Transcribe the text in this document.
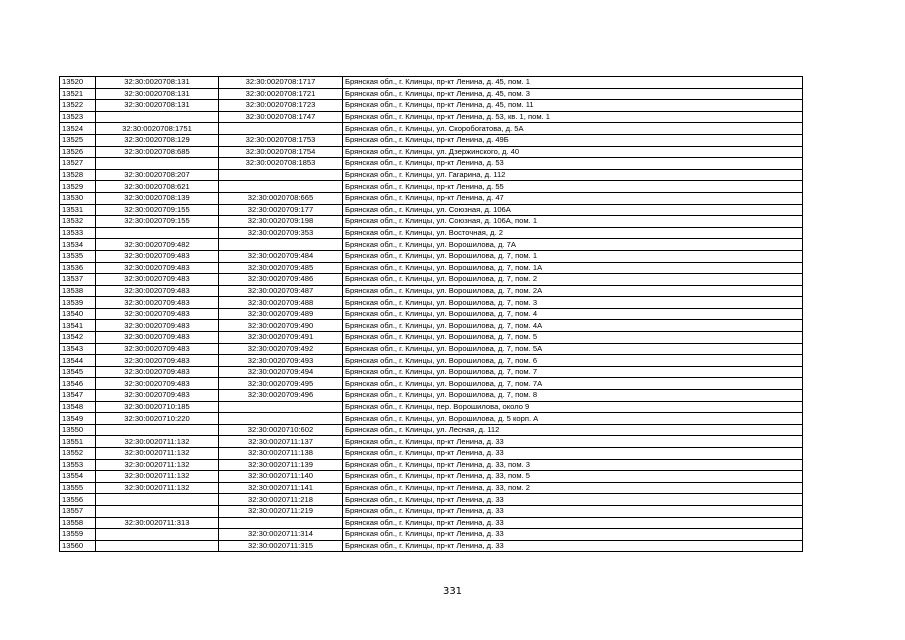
13520	32:30:0020708:131	32:30:0020708:1717	Брянская обл., г. Клинцы, пр-кт Ленина, д. 45, пом. 1
13521	32:30:0020708:131	32:30:0020708:1721	Брянская обл., г. Клинцы, пр-кт Ленина, д. 45, пом. 3
13522	32:30:0020708:131	32:30:0020708:1723	Брянская обл., г. Клинцы, пр-кт Ленина, д. 45, пом. 11
13523		32:30:0020708:1747	Брянская обл., г. Клинцы, пр-кт Ленина, д. 53, кв. 1, пом. 1
13524	32:30:0020708:1751		Брянская обл., г. Клинцы, ул. Скоробогатова, д. 5А
13525	32:30:0020708:129	32:30:0020708:1753	Брянская обл., г. Клинцы, пр-кт Ленина, д. 49Б
13526	32:30:0020708:685	32:30:0020708:1754	Брянская обл., г. Клинцы, ул. Дзержинского, д. 40
13527		32:30:0020708:1853	Брянская обл., г. Клинцы, пр-кт Ленина, д. 53
13528	32:30:0020708:207		Брянская обл., г. Клинцы, ул. Гагарина, д. 112
13529	32:30:0020708:621		Брянская обл., г. Клинцы, пр-кт Ленина, д. 55
13530	32:30:0020708:139	32:30:0020708:665	Брянская обл., г. Клинцы, пр-кт Ленина, д. 47
13531	32:30:0020709:155	32:30:0020709:177	Брянская обл., г. Клинцы, ул. Союзная, д. 106А
13532	32:30:0020709:155	32:30:0020709:198	Брянская обл., г. Клинцы, ул. Союзная, д. 106А, пом. 1
13533		32:30:0020709:353	Брянская обл., г. Клинцы, ул. Восточная, д. 2
13534	32:30:0020709:482		Брянская обл., г. Клинцы, ул. Ворошилова, д. 7А
13535	32:30:0020709:483	32:30:0020709:484	Брянская обл., г. Клинцы, ул. Ворошилова, д. 7, пом. 1
13536	32:30:0020709:483	32:30:0020709:485	Брянская обл., г. Клинцы, ул. Ворошилова, д. 7, пом. 1А
13537	32:30:0020709:483	32:30:0020709:486	Брянская обл., г. Клинцы, ул. Ворошилова, д. 7, пом. 2
13538	32:30:0020709:483	32:30:0020709:487	Брянская обл., г. Клинцы, ул. Ворошилова, д. 7, пом. 2А
13539	32:30:0020709:483	32:30:0020709:488	Брянская обл., г. Клинцы, ул. Ворошилова, д. 7, пом. 3
13540	32:30:0020709:483	32:30:0020709:489	Брянская обл., г. Клинцы, ул. Ворошилова, д. 7, пом. 4
13541	32:30:0020709:483	32:30:0020709:490	Брянская обл., г. Клинцы, ул. Ворошилова, д. 7, пом. 4А
13542	32:30:0020709:483	32:30:0020709:491	Брянская обл., г. Клинцы, ул. Ворошилова, д. 7, пом. 5
13543	32:30:0020709:483	32:30:0020709:492	Брянская обл., г. Клинцы, ул. Ворошилова, д. 7, пом. 5А
13544	32:30:0020709:483	32:30:0020709:493	Брянская обл., г. Клинцы, ул. Ворошилова, д. 7, пом. 6
13545	32:30:0020709:483	32:30:0020709:494	Брянская обл., г. Клинцы, ул. Ворошилова, д. 7, пом. 7
13546	32:30:0020709:483	32:30:0020709:495	Брянская обл., г. Клинцы, ул. Ворошилова, д. 7, пом. 7А
13547	32:30:0020709:483	32:30:0020709:496	Брянская обл., г. Клинцы, ул. Ворошилова, д. 7, пом. 8
13548	32:30:0020710:185		Брянская обл., г. Клинцы, пер. Ворошилова, около 9
13549	32:30:0020710:220		Брянская обл., г. Клинцы, ул. Ворошилова, д. 5 корп. А
13550		32:30:0020710:602	Брянская обл., г. Клинцы, ул. Лесная, д. 112
13551	32:30:0020711:132	32:30:0020711:137	Брянская обл., г. Клинцы, пр-кт Ленина, д. 33
13552	32:30:0020711:132	32:30:0020711:138	Брянская обл., г. Клинцы, пр-кт Ленина, д. 33
13553	32:30:0020711:132	32:30:0020711:139	Брянская обл., г. Клинцы, пр-кт Ленина, д. 33, пом. 3
13554	32:30:0020711:132	32:30:0020711:140	Брянская обл., г. Клинцы, пр-кт Ленина, д. 33, пом. 5
13555	32:30:0020711:132	32:30:0020711:141	Брянская обл., г. Клинцы, пр-кт Ленина, д. 33, пом. 2
13556		32:30:0020711:218	Брянская обл., г. Клинцы, пр-кт Ленина, д. 33
13557		32:30:0020711:219	Брянская обл., г. Клинцы, пр-кт Ленина, д. 33
13558	32:30:0020711:313		Брянская обл., г. Клинцы, пр-кт Ленина, д. 33
13559		32:30:0020711:314	Брянская обл., г. Клинцы, пр-кт Ленина, д. 33
13560		32:30:0020711:315	Брянская обл., г. Клинцы, пр-кт Ленина, д. 33
331
